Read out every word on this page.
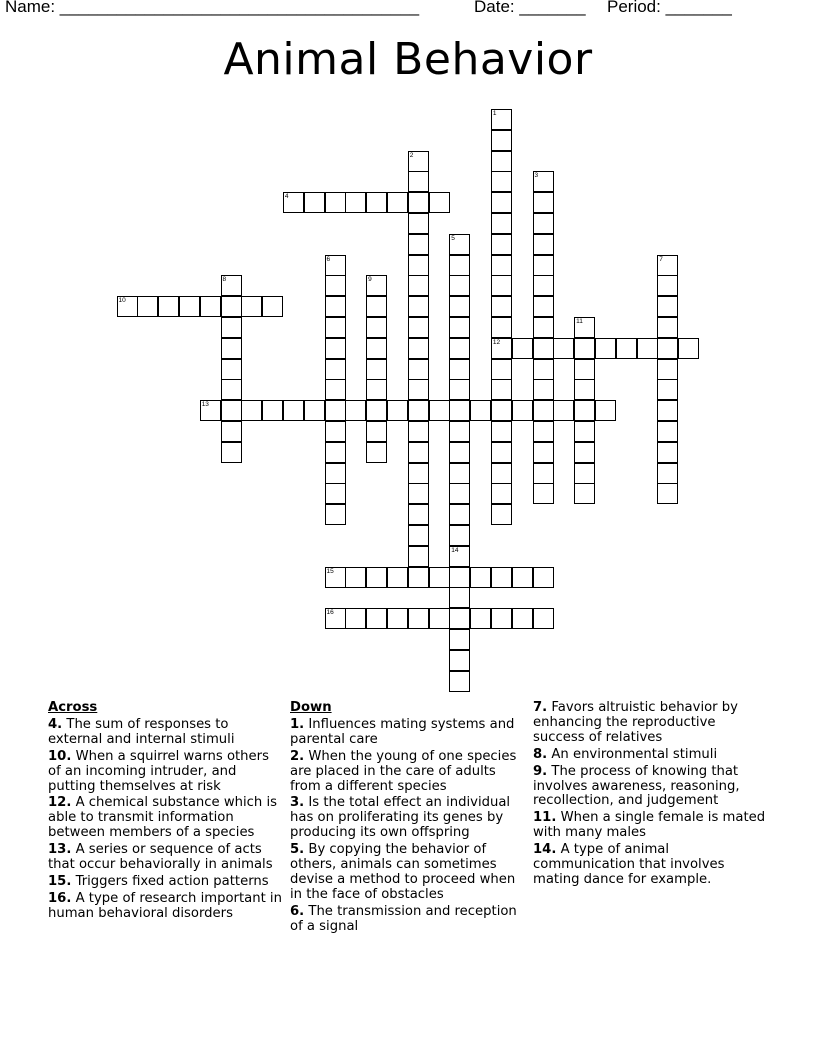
Name: ______________________________________	Date: _______ Period: _______
Animal Behavior
1
12
2
3
4
5
14
6	7
8	9
10
11
13
15
16

Across

4. The sum of responses to external and internal stimuli

10. When a squirrel warns others of an incoming intruder, and putting themselves at risk

12. A chemical substance which is able to transmit information between members of a species

13. A series or sequence of acts that occur behaviorally in animals

15. Triggers fixed action patterns

16. A type of research important in human behavioral disorders

Down

1. Influences mating systems and parental care

2. When the young of one species are placed in the care of adults from a different species

3. Is the total effect an individual has on proliferating its genes by producing its own offspring

5. By copying the behavior of others, animals can sometimes devise a method to proceed when in the face of obstacles

6. The transmission and reception of a signal

7. Favors altruistic behavior by enhancing the reproductive success of relatives

8. An environmental stimuli

9. The process of knowing that involves awareness, reasoning, recollection, and judgement

11. When a single female is mated with many males

14. A type of animal communication that involves mating dance for example.
